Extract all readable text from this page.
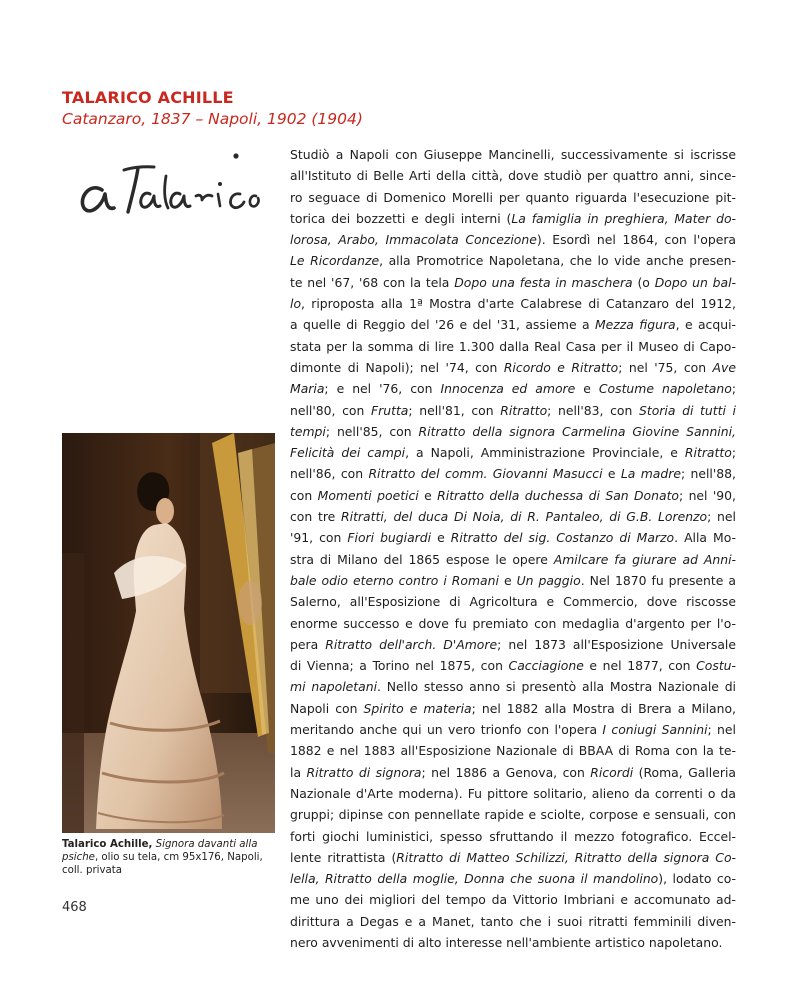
TALARICO ACHILLE
Catanzaro, 1837 – Napoli, 1902 (1904)
Talarico Achille, Signora davanti alla psiche, olio su tela, cm 95x176, Napoli, coll. privata
Studiò a Napoli con Giuseppe Mancinelli, successivamente si iscrisse
all'Istituto di Belle Arti della città, dove studiò per quattro anni, since-
ro seguace di Domenico Morelli per quanto riguarda l'esecuzione pit-
torica dei bozzetti e degli interni (La famiglia in preghiera, Mater do-
lorosa, Arabo, Immacolata Concezione). Esordì nel 1864, con l'opera
Le Ricordanze, alla Promotrice Napoletana, che lo vide anche presen-
te nel '67, '68 con la tela Dopo una festa in maschera (o Dopo un bal-
lo, riproposta alla 1ª Mostra d'arte Calabrese di Catanzaro del 1912,
a quelle di Reggio del '26 e del '31, assieme a Mezza figura, e acqui-
stata per la somma di lire 1.300 dalla Real Casa per il Museo di Capo-
dimonte di Napoli); nel '74, con Ricordo e Ritratto; nel '75, con Ave
Maria; e nel '76, con Innocenza ed amore e Costume napoletano;
nell'80, con Frutta; nell'81, con Ritratto; nell'83, con Storia di tutti i
tempi; nell'85, con Ritratto della signora Carmelina Giovine Sannini,
Felicità dei campi, a Napoli, Amministrazione Provinciale, e Ritratto;
nell'86, con Ritratto del comm. Giovanni Masucci e La madre; nell'88,
con Momenti poetici e Ritratto della duchessa di San Donato; nel '90,
con tre Ritratti, del duca Di Noia, di R. Pantaleo, di G.B. Lorenzo; nel
'91, con Fiori bugiardi e Ritratto del sig. Costanzo di Marzo. Alla Mo-
stra di Milano del 1865 espose le opere Amilcare fa giurare ad Anni-
bale odio eterno contro i Romani e Un paggio. Nel 1870 fu presente a
Salerno, all'Esposizione di Agricoltura e Commercio, dove riscosse
enorme successo e dove fu premiato con medaglia d'argento per l'o-
pera Ritratto dell'arch. D'Amore; nel 1873 all'Esposizione Universale
di Vienna; a Torino nel 1875, con Cacciagione e nel 1877, con Costu-
mi napoletani. Nello stesso anno si presentò alla Mostra Nazionale di
Napoli con Spirito e materia; nel 1882 alla Mostra di Brera a Milano,
meritando anche qui un vero trionfo con l'opera I coniugi Sannini; nel
1882 e nel 1883 all'Esposizione Nazionale di BBAA di Roma con la te-
la Ritratto di signora; nel 1886 a Genova, con Ricordi (Roma, Galleria
Nazionale d'Arte moderna). Fu pittore solitario, alieno da correnti o da
gruppi; dipinse con pennellate rapide e sciolte, corpose e sensuali, con
forti giochi luministici, spesso sfruttando il mezzo fotografico. Eccel-
lente ritrattista (Ritratto di Matteo Schilizzi, Ritratto della signora Co-
lella, Ritratto della moglie, Donna che suona il mandolino), lodato co-
me uno dei migliori del tempo da Vittorio Imbriani e accomunato ad-
dirittura a Degas e a Manet, tanto che i suoi ritratti femminili diven-
nero avvenimenti di alto interesse nell'ambiente artistico napoletano.
468
